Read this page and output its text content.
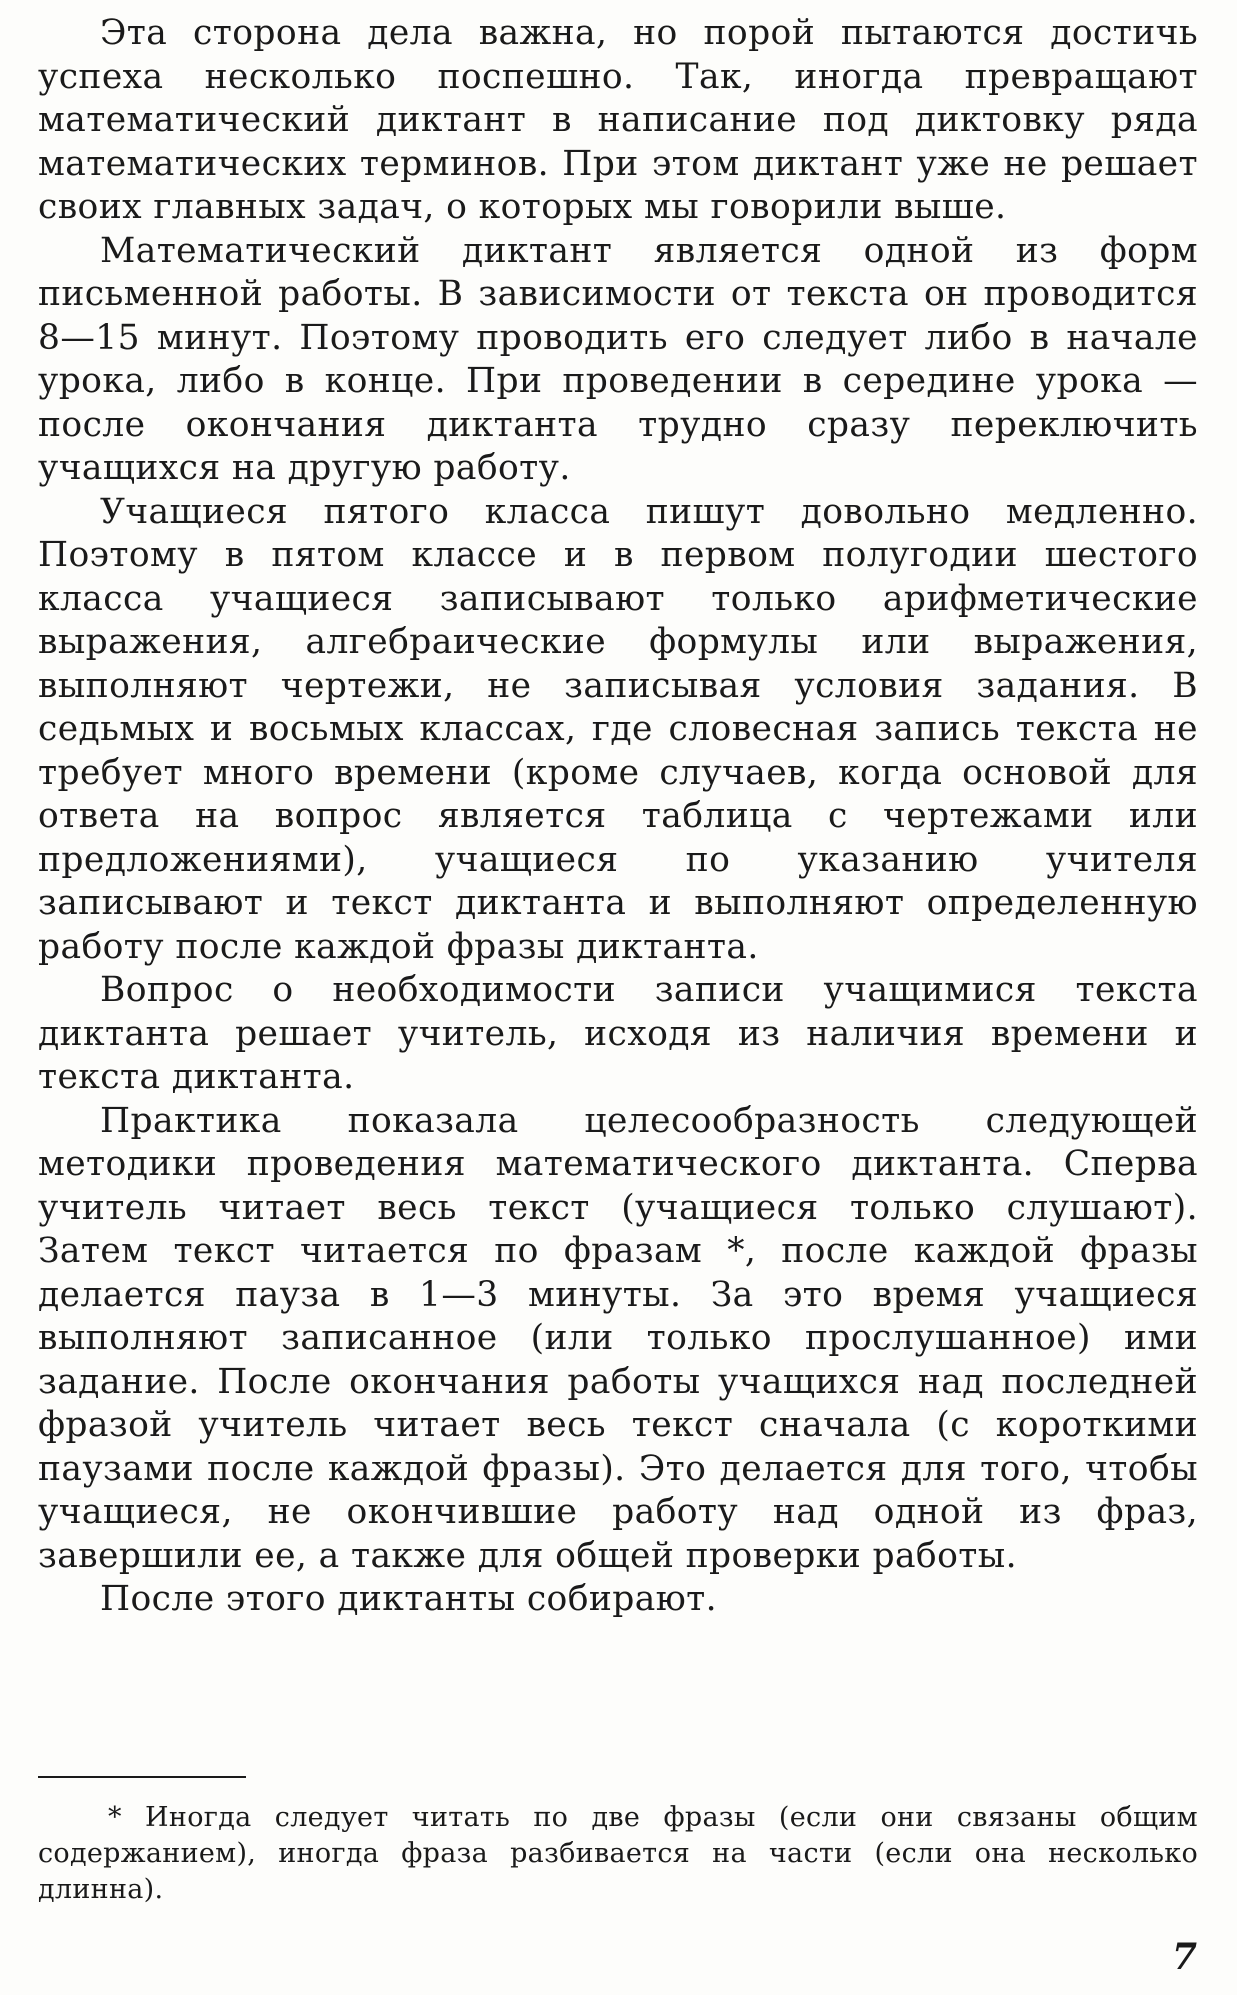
Эта сторона дела важна, но порой пытаются достичь успеха несколько поспешно. Так, иногда превращают математический диктант в написание под диктовку ряда математических терминов. При этом диктант уже не решает своих главных задач, о которых мы говорили выше.

Математический диктант является одной из форм письменной работы. В зависимости от текста он проводится 8—15 минут. Поэтому проводить его следует либо в начале урока, либо в конце. При проведении в середине урока — после окончания диктанта трудно сразу переключить учащихся на другую работу.

Учащиеся пятого класса пишут довольно медленно. Поэтому в пятом классе и в первом полугодии шестого класса учащиеся записывают только арифметические выражения, алгебраические формулы или выражения, выполняют чертежи, не записывая условия задания. В седьмых и восьмых классах, где словесная запись текста не требует много времени (кроме случаев, когда основой для ответа на вопрос является таблица с чертежами или предложениями), учащиеся по указанию учителя записывают и текст диктанта и выполняют определенную работу после каждой фразы диктанта.

Вопрос о необходимости записи учащимися текста диктанта решает учитель, исходя из наличия времени и текста диктанта.

Практика показала целесообразность следующей методики проведения математического диктанта. Сперва учитель читает весь текст (учащиеся только слушают). Затем текст читается по фразам *, после каждой фразы делается пауза в 1—3 минуты. За это время учащиеся выполняют записанное (или только прослушанное) ими задание. После окончания работы учащихся над последней фразой учитель читает весь текст сначала (с короткими паузами после каждой фразы). Это делается для того, чтобы учащиеся, не окончившие работу над одной из фраз, завершили ее, а также для общей проверки работы.

После этого диктанты собирают.

* Иногда следует читать по две фразы (если они связаны общим содержанием), иногда фраза разбивается на части (если она несколько длинна).

7
